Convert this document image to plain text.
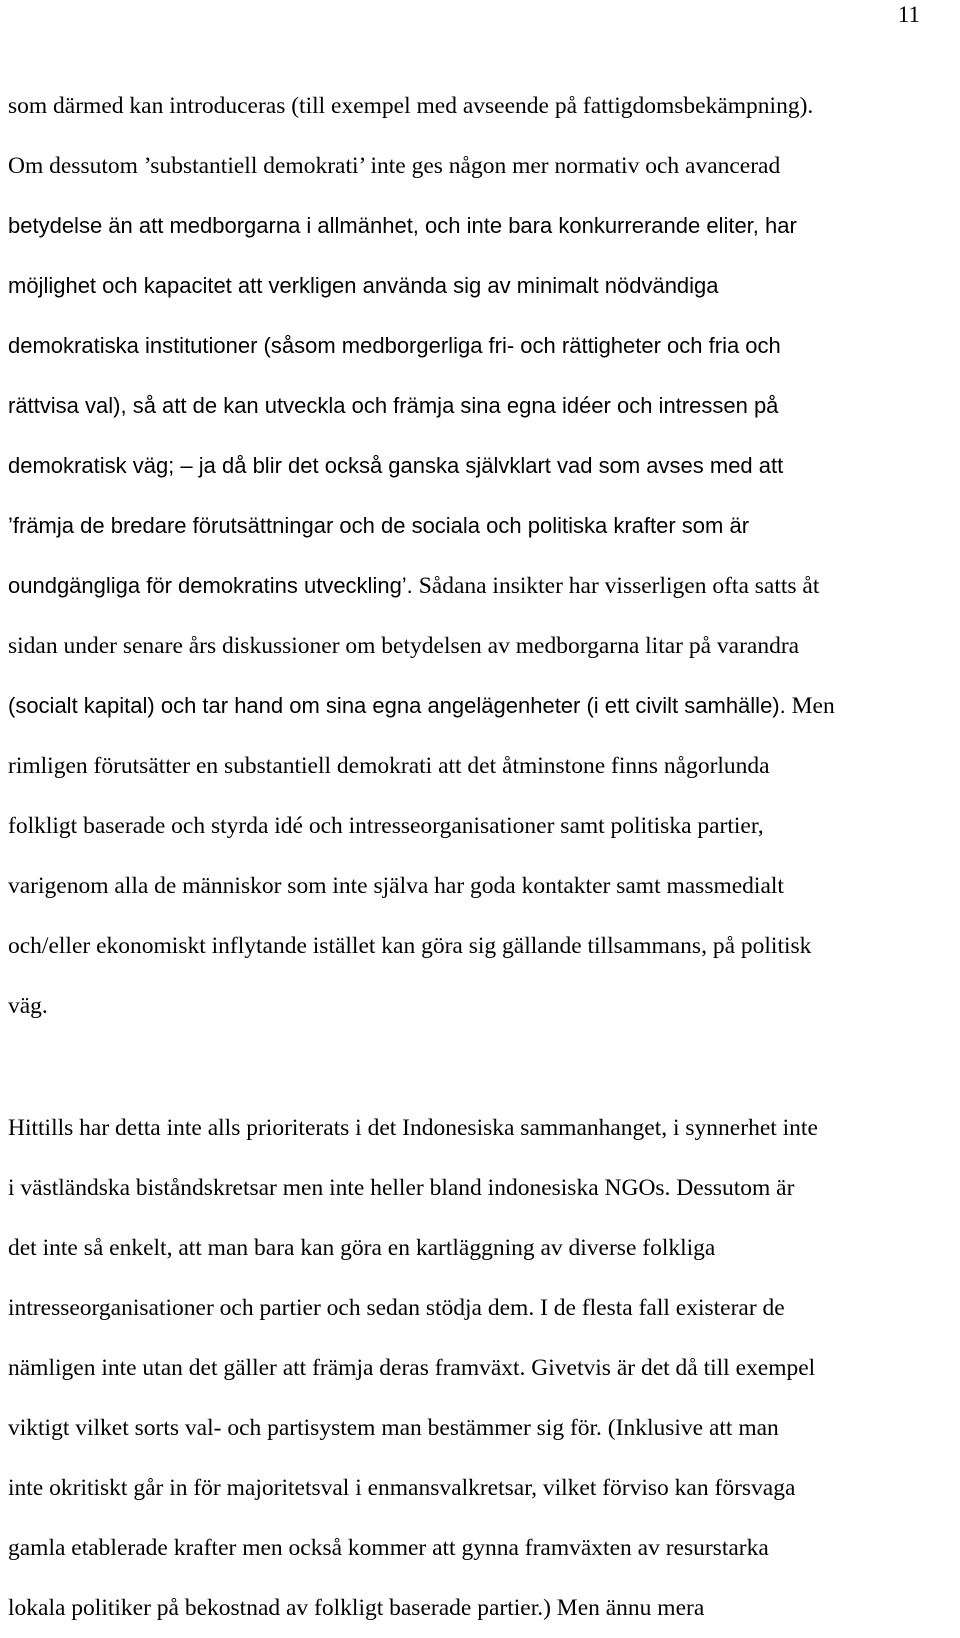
11
som därmed kan introduceras (till exempel med avseende på fattigdomsbekämpning).
Om dessutom ’substantiell demokrati’ inte ges någon mer normativ och avancerad
betydelse än att medborgarna i allmänhet, och inte bara konkurrerande eliter, har
möjlighet och kapacitet att verkligen använda sig av minimalt nödvändiga
demokratiska institutioner (såsom medborgerliga fri- och rättigheter och fria och
rättvisa val), så att de kan utveckla och främja sina egna idéer och intressen på
demokratisk väg; – ja då blir det också ganska självklart vad som avses med att
’främja de bredare förutsättningar och de sociala och politiska krafter som är
oundgängliga för demokratins utveckling’. Sådana insikter har visserligen ofta satts åt
sidan under senare års diskussioner om betydelsen av medborgarna litar på varandra
(socialt kapital) och tar hand om sina egna angelägenheter (i ett civilt samhälle). Men
rimligen förutsätter en substantiell demokrati att det åtminstone finns någorlunda
folkligt baserade och styrda idé och intresseorganisationer samt politiska partier,
varigenom alla de människor som inte själva har goda kontakter samt massmedialt
och/eller ekonomiskt inflytande istället kan göra sig gällande tillsammans, på politisk
väg.
Hittills har detta inte alls prioriterats i det Indonesiska sammanhanget, i synnerhet inte
i västländska biståndskretsar men inte heller bland indonesiska NGOs. Dessutom är
det inte så enkelt, att man bara kan göra en kartläggning av diverse folkliga
intresseorganisationer och partier och sedan stödja dem. I de flesta fall existerar de
nämligen inte utan det gäller att främja deras framväxt. Givetvis är det då till exempel
viktigt vilket sorts val- och partisystem man bestämmer sig för. (Inklusive att man
inte okritiskt går in för majoritetsval i enmansvalkretsar, vilket förviso kan försvaga
gamla etablerade krafter men också kommer att gynna framväxten av resurstarka
lokala politiker på bekostnad av folkligt baserade partier.) Men ännu mera
